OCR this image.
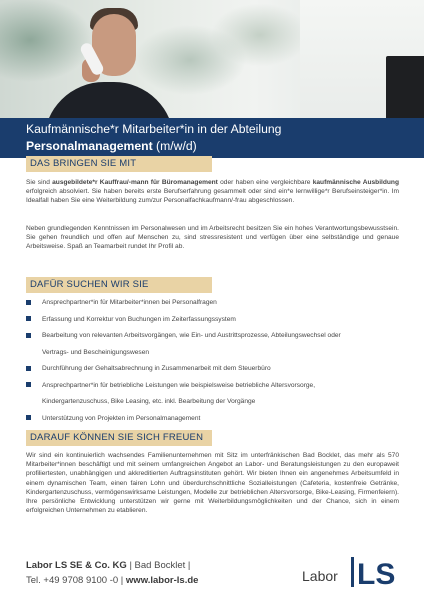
Kaufmännische*r Mitarbeiter*in in der Abteilung
Personalmanagement (m/w/d)
DAS BRINGEN SIE MIT
Sie sind ausgebildete*r Kauffrau/-mann für Büromanagement oder haben eine vergleichbare kaufmännische Ausbildung erfolgreich absolviert. Sie haben bereits erste Berufserfahrung gesammelt oder sind ein*e lernwillige*r Berufseinsteiger*in. Im Idealfall haben Sie eine Weiterbildung zum/zur Personalfachkaufmann/-frau abgeschlossen.
Neben grundlegenden Kenntnissen im Personalwesen und im Arbeitsrecht besitzen Sie ein hohes Verantwortungsbewusstsein. Sie gehen freundlich und offen auf Menschen zu, sind stressresistent und verfügen über eine selbständige und genaue Arbeitsweise. Spaß an Teamarbeit rundet Ihr Profil ab.
DAFÜR SUCHEN WIR SIE
Ansprechpartner*in für Mitarbeiter*innen bei Personalfragen
Erfassung und Korrektur von Buchungen im Zeiterfassungssystem
Bearbeitung von relevanten Arbeitsvorgängen, wie Ein- und Austrittsprozesse, Abteilungswechsel oder
Vertrags- und Bescheinigungswesen
Durchführung der Gehaltsabrechnung in Zusammenarbeit mit dem Steuerbüro
Ansprechpartner*in für betriebliche Leistungen wie beispielsweise betriebliche Altersvorsorge,
Kindergartenzuschuss, Bike Leasing, etc. inkl. Bearbeitung der Vorgänge
Unterstützung von Projekten im Personalmanagement
DARAUF KÖNNEN SIE SICH FREUEN
Wir sind ein kontinuierlich wachsendes Familienunternehmen mit Sitz im unterfränkischen Bad Bocklet, das mehr als 570 Mitarbeiter*innen beschäftigt und mit seinem umfangreichen Angebot an Labor- und Beratungsleistungen zu den europaweit profiliertesten, unabhängigen und akkreditierten Auftragsinstituten gehört. Wir bieten Ihnen ein angenehmes Arbeitsumfeld in einem dynamischen Team, einen fairen Lohn und überdurchschnittliche Sozialleistungen (Cafeteria, kostenfreie Getränke, Kindergartenzuschuss, vermögenswirksame Leistungen, Modelle zur betrieblichen Altersvorsorge, Bike-Leasing, Firmenfeiern). Ihre persönliche Entwicklung unterstützen wir gerne mit Weiterbildungsmöglichkeiten und der Chance, sich in einem erfolgreichen Unternehmen zu etablieren.
Labor LS SE & Co. KG | Bad Bocklet |
Tel. +49 9708 9100 -0 | www.labor-ls.de	Labor LS
